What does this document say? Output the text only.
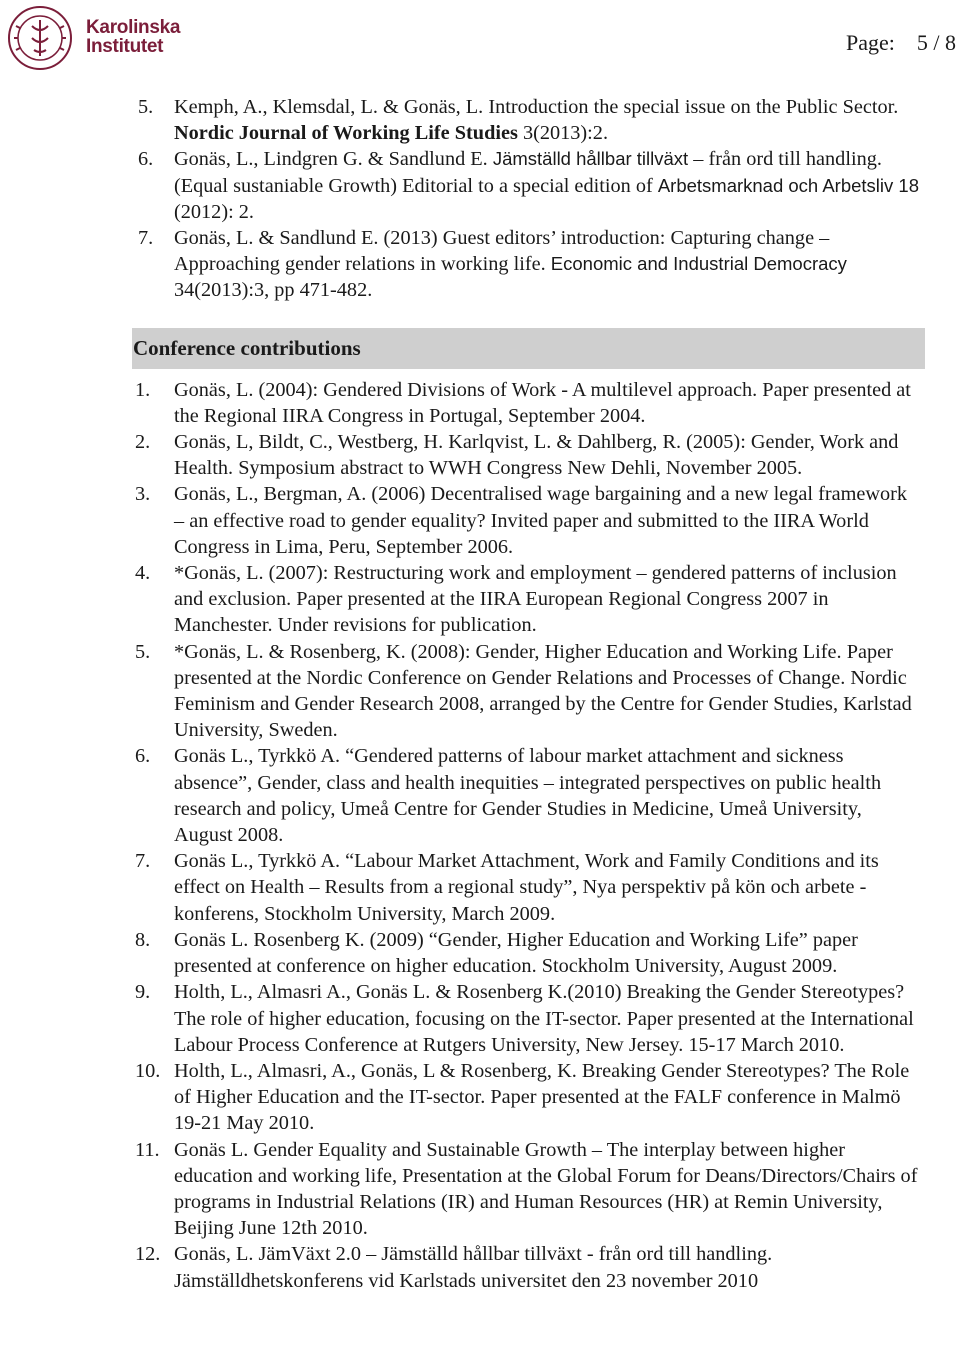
Karolinska
Institutet	Page: 5 / 8
5. Kemph, A., Klemsdal, L. & Gonäs, L. Introduction the special issue on the Public Sector. Nordic Journal of Working Life Studies 3(2013):2.
6. Gonäs, L., Lindgren G. & Sandlund E. Jämställd hållbar tillväxt – från ord till handling. (Equal sustaniable Growth) Editorial to a special edition of Arbetsmarknad och Arbetsliv 18 (2012): 2.
7. Gonäs, L. & Sandlund E. (2013) Guest editors’ introduction: Capturing change – Approaching gender relations in working life. Economic and Industrial Democracy 34(2013):3, pp 471-482.
Conference contributions
1. Gonäs, L. (2004): Gendered Divisions of Work - A multilevel approach. Paper presented at the Regional IIRA Congress in Portugal, September 2004.
2. Gonäs, L, Bildt, C., Westberg, H. Karlqvist, L. & Dahlberg, R. (2005): Gender, Work and Health. Symposium abstract to WWH Congress New Dehli, November 2005.
3. Gonäs, L., Bergman, A. (2006) Decentralised wage bargaining and a new legal framework – an effective road to gender equality? Invited paper and submitted to the IIRA World Congress in Lima, Peru, September 2006.
4. *Gonäs, L. (2007): Restructuring work and employment – gendered patterns of inclusion and exclusion. Paper presented at the IIRA European Regional Congress 2007 in Manchester. Under revisions for publication.
5. *Gonäs, L. & Rosenberg, K. (2008): Gender, Higher Education and Working Life. Paper presented at the Nordic Conference on Gender Relations and Processes of Change. Nordic Feminism and Gender Research 2008, arranged by the Centre for Gender Studies, Karlstad University, Sweden.
6. Gonäs L., Tyrkkö A. “Gendered patterns of labour market attachment and sickness absence”, Gender, class and health inequities – integrated perspectives on public health research and policy, Umeå Centre for Gender Studies in Medicine, Umeå University, August 2008.
7. Gonäs L., Tyrkkö A. “Labour Market Attachment, Work and Family Conditions and its effect on Health – Results from a regional study”, Nya perspektiv på kön och arbete - konferens, Stockholm University, March 2009.
8. Gonäs L. Rosenberg K. (2009) “Gender, Higher Education and Working Life” paper presented at conference on higher education. Stockholm University, August 2009.
9. Holth, L., Almasri A., Gonäs L. & Rosenberg K.(2010) Breaking the Gender Stereotypes? The role of higher education, focusing on the IT-sector. Paper presented at the International Labour Process Conference at Rutgers University, New Jersey. 15-17 March 2010.
10. Holth, L., Almasri, A., Gonäs, L & Rosenberg, K. Breaking Gender Stereotypes? The Role of Higher Education and the IT-sector. Paper presented at the FALF conference in Malmö 19-21 May 2010.
11. Gonäs L. Gender Equality and Sustainable Growth – The interplay between higher education and working life, Presentation at the Global Forum for Deans/Directors/Chairs of programs in Industrial Relations (IR) and Human Resources (HR) at Remin University, Beijing June 12th 2010.
12. Gonäs, L. JämVäxt 2.0 – Jämställd hållbar tillväxt - från ord till handling. Jämställdhetskonferens vid Karlstads universitet den 23 november 2010
